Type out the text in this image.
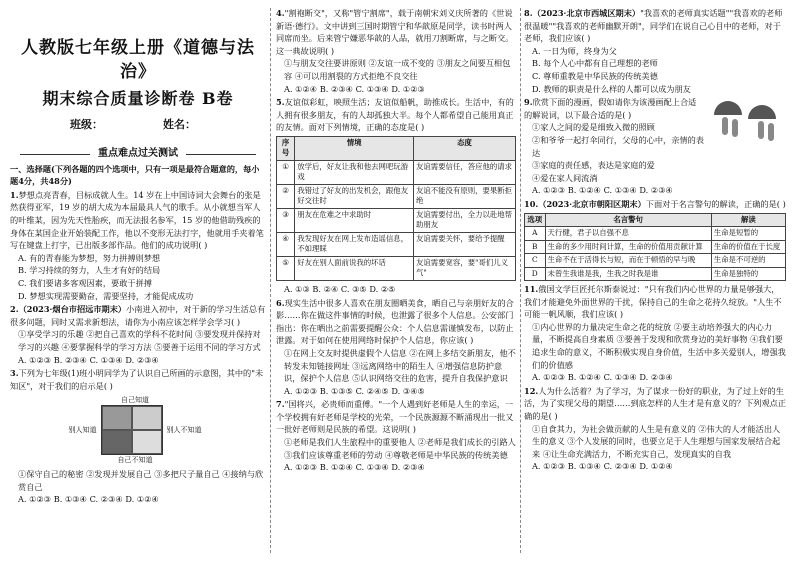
人教版七年级上册《道德与法治》
期末综合质量诊断卷 B卷
班级：	姓名：
重点难点过关测试

一、选择题(下列各题的四个选项中，只有一项是最符合题意的，每小题4分，共48分)

1.梦想点亮青春，目标成就人生。14 岁在上中国诗词大会舞台的张是然获得亚军，19 岁的胡大成为本届最具人气的歌手。从小就想当军人的叶维某，因为先天性胎疾，而无法报名参军，15 岁的他借助残疾的身体在某国企业开始装配工作，他以不变形无法打字，他就用手夹着笔写在键盘上打字，已出版多部作品。他们的成功说明( )

A. 有的青春能为梦想，努力拼搏则梦想

B. 学习持续的努力，人生才有好的结局

C. 我们要诸多客观因素，要敢于拼搏

D. 梦想实现需要勤奋，需要坚持，才能促成成功

2.（2023·烟台市招远市期末）小南进入初中，对于新的学习生活总有很多问题，同时又需求新想法，请你为小南应该怎样学会学习( )

①享受学习的乐趣 ②把自己喜欢的学科不花时间 ③要发现并保持对学习的兴趣 ④要掌握科学的学习方法 ⑤要善于运用不同的学习方式

A. ①②③ B. ②③④ C. ①③④ D. ②③④

3.下列为七年级(1)班小明同学为了认识自己所画的示意图，其中的"未知区"，对于我们的启示是( )

自己知道
别人知道	别人不知道
自己不知道

①保守自己的秘密 ②发现并发展自己 ③多把尺子量自己 ④接纳与欣赏自己

A. ①②③ B. ①③④ C. ②③④ D. ①②④

4."割袍断交"，又称"管宁割席"，载于南朝宋刘义庆所著的《世说新语·德行》。文中讲到三国时期管宁和华歆原是同学，读书时两人同席而坐。后来管宁嫌恶华歆的人品，就用刀割断席，与之断交。这一典故说明( )

①与朋友交往要讲原则 ②友谊一成不变的 ③朋友之间要互相包容 ④可以用割裂的方式拒绝不良交往

A. ①②④ B. ②③④ C. ①③④ D. ①②③

5.友谊似彩虹，映照生活；友谊似船帆，助推成长。生活中，有的人拥有很多朋友，有的人却孤独大半。每个人都希望自己能用真正的友情。面对下列情境，正确的态度是( )

序号	情境	态度
①	放学后，好友让我和他去网吧玩游戏	友谊需要信任，答应他的请求
②	我错过了好友的出发机会，跟他友好交往时	友谊不能没有原则，要果断拒绝
③	朋友在危难之中求助时	友谊需要付出，全力以赴地帮助朋友
④	我发现好友在网上发布造谣信息，不如理睬	友谊需要关怀，要给予提醒
⑤	好友在别人面前说我的坏话	友谊需要宽容，要"哥们儿义气"

A. ①③ B. ②④ C. ③⑤ D. ②⑤

6.现实生活中很多人喜欢在朋友圈晒美食，晒自己与亲朋好友的合影……你在做这件事情的时候，也泄露了很多个人信息。公安部门指出：你在晒出之前需要提醒公众：个人信息需谨慎发布，以防止泄露。对于如何在使用网络时保护个人信息，你应该( )

①在网上交友时提供虚假个人信息 ②在网上多结交新朋友，他不转发未知链接网址 ③远离网络中的陌生人 ④增强信息防护意识，保护个人信息 ⑤认识网络交往的危害，提升自我保护意识

A. ①②③ B. ①③⑤ C. ②④⑤ D. ③④⑤

7."国将兴，必贵师而重傅。"一个人遇到好老师是人生的幸运，一个学校拥有好老师是学校的光荣，一个民族源源不断涌现出一批又一批好老师则是民族的希望。这说明( )

①老师是我们人生旅程中的重要他人 ②老师是我们成长的引路人 ③我们应该尊重老师的劳动 ④尊敬老师是中华民族的传统美德

A. ①②③ B. ①②④ C. ①③④ D. ②③④

8.（2023·北京市西城区期末）"我喜欢的老师真实话题""我喜欢的老师很温暖""我喜欢的老师幽默开朗"，同学们在说自己心目中的老师，对于老师，我们应该( )

A. 一日为师，终身为父

B. 每个人心中都有自己理想的老师

C. 尊师重教是中华民族的传统美德

D. 教师的职责是什么样的人都可以成为朋友

9.欣赏下面的漫画，假如请你为该漫画配上合适的解说词，以下最合适的是( )

①家人之间的爱是细致入微的照顾

②和爷爷一起打伞同行，父母的心中，亲情的表达

③家庭的责任感，表达是家庭的爱

④爱在家人间流淌

A. ①②③ B. ①②④ C. ①③④ D. ②③④

10.（2023·北京市朝阳区期末）下面对于名言警句的解读，正确的是( )

选项	名言警句	解读
A	天行健，君子以自强不息	生命是短暂的
B	生命的多少用时间计算，生命的价值用贡献计算	生命的价值在于长度
C	生命不在于活得长与短，而在于顿悟的早与晚	生命是不可逆的
D	未曾生我谁是我，生我之时我是谁	生命是独特的

11.俄国文学巨匠托尔斯泰说过："只有我们内心世界的力量是够强大，我们才能避免外面世界的干扰，保持自己的生命之花持久绽放。"人生不可能一帆风顺，我们应该( )

①内心世界的力量决定生命之花的绽放 ②要主动培养强大的内心力量，不断提高自身素质 ③要善于发现和欣赏身边的美好事物 ④我们要追求生命的意义，不断积极实现自身价值，生活中多关爱别人，增强我们的价值感

A. ①②③ B. ①②④ C. ①③④ D. ②③④

12.人为什么活着？为了学习，为了谋求一份好的职业，为了过上好的生活，为了实现父母的期望……到底怎样的人生才是有意义的？下列观点正确的是( )

①自食其力，为社会做贡献的人生是有意义的 ②伟大的人才能活出人生的意义 ③个人发展的同时，也要立足于人生理想与国家发展结合起来 ④让生命充满活力，不断充实自己，发现真实的自我

A. ①②③ B. ①③④ C. ②③④ D. ①②④
